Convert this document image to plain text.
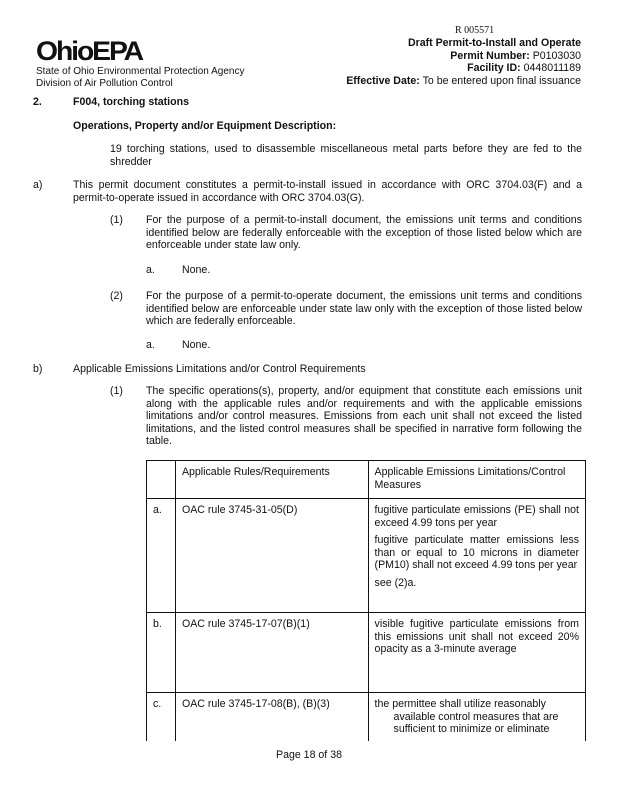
R 005571
OhioEPA
State of Ohio Environmental Protection Agency
Division of Air Pollution Control
Draft Permit-to-Install and Operate
Permit Number: P0103030
Facility ID: 0448011189
Effective Date: To be entered upon final issuance
2.	F004, torching stations
Operations, Property and/or Equipment Description:
19 torching stations, used to disassemble miscellaneous metal parts before they are fed to the shredder
a)	This permit document constitutes a permit-to-install issued in accordance with ORC 3704.03(F) and a permit-to-operate issued in accordance with ORC 3704.03(G).
(1) For the purpose of a permit-to-install document, the emissions unit terms and conditions identified below are federally enforceable with the exception of those listed below which are enforceable under state law only.
a.	None.
(2) For the purpose of a permit-to-operate document, the emissions unit terms and conditions identified below are enforceable under state law only with the exception of those listed below which are federally enforceable.
a.	None.
b)	Applicable Emissions Limitations and/or Control Requirements
(1) The specific operations(s), property, and/or equipment that constitute each emissions unit along with the applicable rules and/or requirements and with the applicable emissions limitations and/or control measures. Emissions from each unit shall not exceed the listed limitations, and the listed control measures shall be specified in narrative form following the table.
	Applicable Rules/Requirements	Applicable Emissions Limitations/Control Measures
a.	OAC rule 3745-31-05(D)	fugitive particulate emissions (PE) shall not exceed 4.99 tons per year

fugitive particulate matter emissions less than or equal to 10 microns in diameter (PM10) shall not exceed 4.99 tons per year

see (2)a.

b.	OAC rule 3745-17-07(B)(1)	visible fugitive particulate emissions from this emissions unit shall not exceed 20% opacity as a 3-minute average

c.	OAC rule 3745-17-08(B), (B)(3)	the permittee shall utilize reasonably available control measures that are sufficient to minimize or eliminate

Page 18 of 38
